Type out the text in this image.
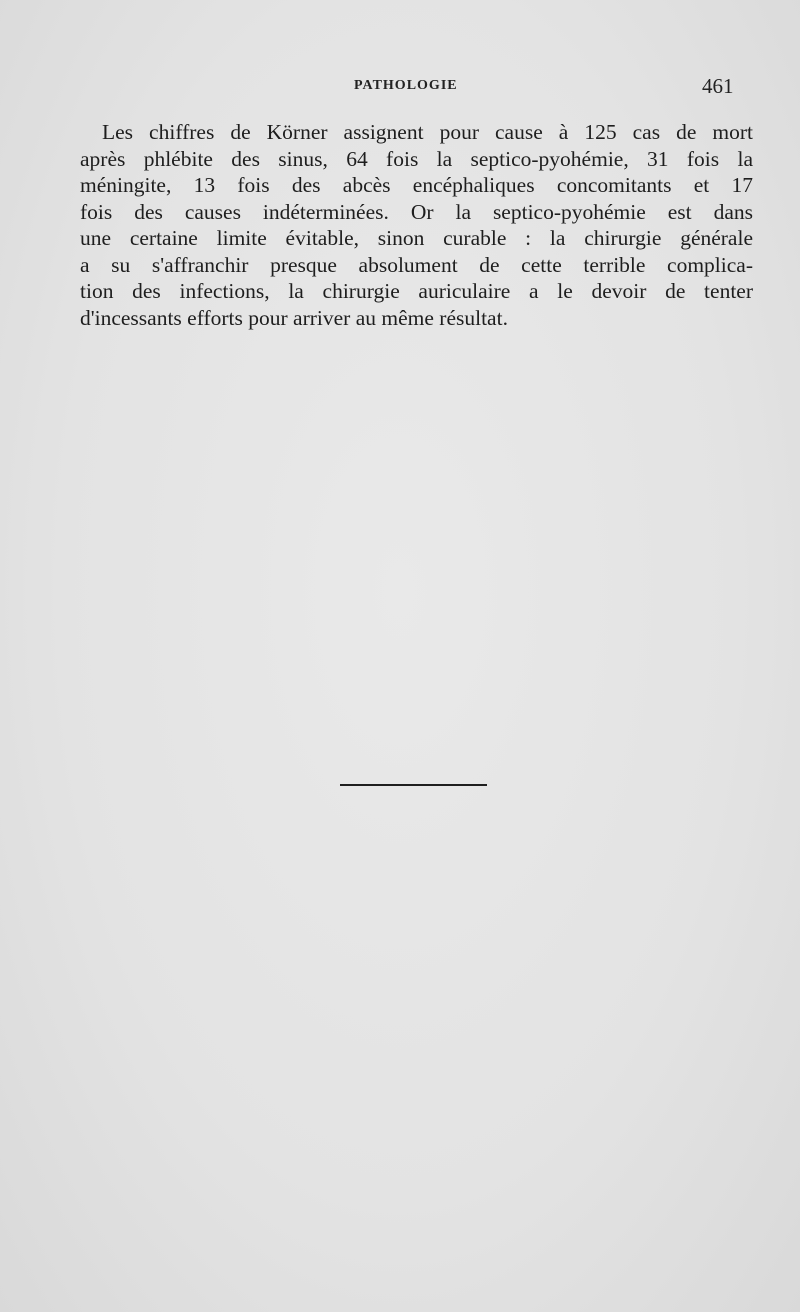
PATHOLOGIE	461
Les chiffres de Körner assignent pour cause à 125 cas de mort
après phlébite des sinus, 64 fois la septico-pyohémie, 31 fois la
méningite, 13 fois des abcès encéphaliques concomitants et 17
fois des causes indéterminées. Or la septico-pyohémie est dans
une certaine limite évitable, sinon curable : la chirurgie générale
a su s'affranchir presque absolument de cette terrible complica-
tion des infections, la chirurgie auriculaire a le devoir de tenter
d'incessants efforts pour arriver au même résultat.
